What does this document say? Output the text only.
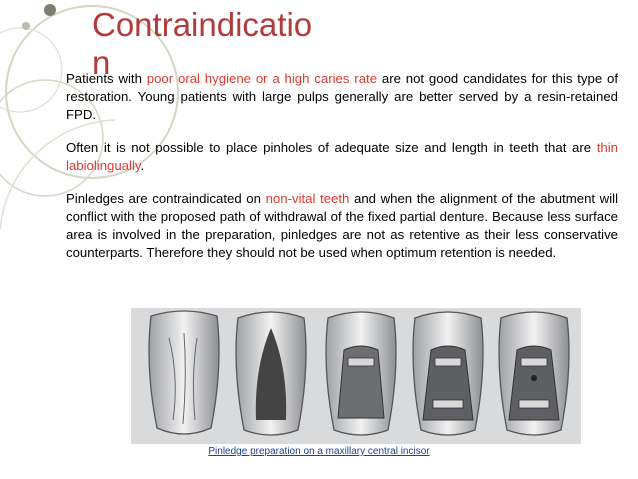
Contraindication

Patients with poor oral hygiene or a high caries rate are not good candidates for this type of restoration. Young patients with large pulps generally are better served by a resin-retained FPD.

Often it is not possible to place pinholes of adequate size and length in teeth that are thin labiolingually.

Pinledges are contraindicated on non-vital teeth and when the alignment of the abutment will conflict with the proposed path of withdrawal of the fixed partial denture. Because less surface area is involved in the preparation, pinledges are not as retentive as their less conservative counterparts. Therefore they should not be used when optimum retention is needed.

Pinledge preparation on a maxillary central incisor
